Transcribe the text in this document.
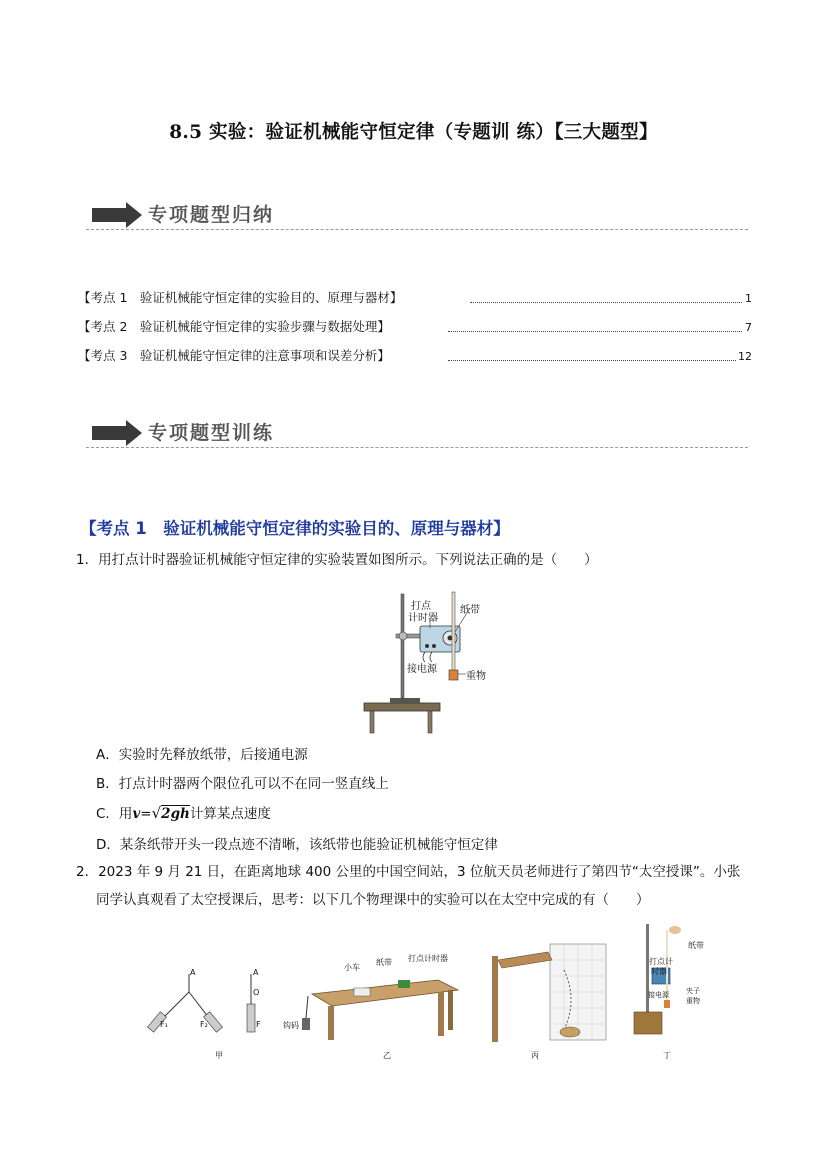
8.5 实验：验证机械能守恒定律（专题训 练）【三大题型】
专项题型归纳
【考点 1　验证机械能守恒定律的实验目的、原理与器材】	1
【考点 2　验证机械能守恒定律的实验步骤与数据处理】	7
【考点 3　验证机械能守恒定律的注意事项和误差分析】	12
专项题型训练
【考点 1　验证机械能守恒定律的实验目的、原理与器材】
1．用打点计时器验证机械能守恒定律的实验装置如图所示。下列说法正确的是（　　）
打点
计时器
纸带
接电源
重物
A．实验时先释放纸带，后接通电源
B．打点计时器两个限位孔可以不在同一竖直线上
C．用v=√2gh计算某点速度
D．某条纸带开头一段点迹不清晰，该纸带也能验证机械能守恒定律
2．2023 年 9 月 21 日，在距离地球 400 公里的中国空间站，3 位航天员老师进行了第四节“太空授课”。小张
同学认真观看了太空授课后，思考：以下几个物理课中的实验可以在太空中完成的有（　　）
A	A
O
F₁	F₂	F
小车
纸带 打点计时器
钩码
纸带
打点计
时器
接电源 夹子
重物
甲	乙	丙	丁
